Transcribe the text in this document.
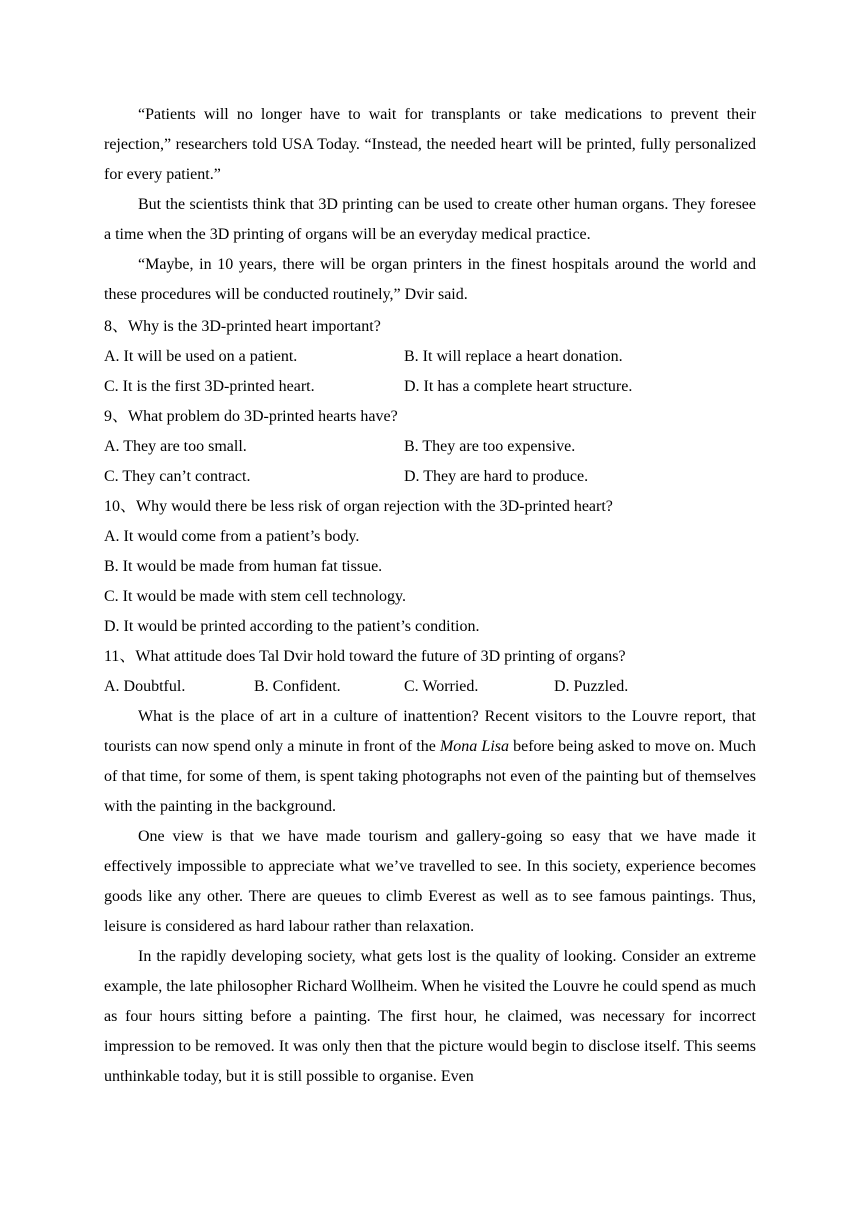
“Patients will no longer have to wait for transplants or take medications to prevent their rejection,” researchers told USA Today. “Instead, the needed heart will be printed, fully personalized for every patient.”

But the scientists think that 3D printing can be used to create other human organs. They foresee a time when the 3D printing of organs will be an everyday medical practice.

“Maybe, in 10 years, there will be organ printers in the finest hospitals around the world and these procedures will be conducted routinely,” Dvir said.

8、Why is the 3D-printed heart important?

A. It will be used on a patient.	B. It will replace a heart donation.
C. It is the first 3D-printed heart.	D. It has a complete heart structure.

9、What problem do 3D-printed hearts have?

A. They are too small.	B. They are too expensive.
C. They can’t contract.	D. They are hard to produce.

10、Why would there be less risk of organ rejection with the 3D-printed heart?

A. It would come from a patient’s body.

B. It would be made from human fat tissue.

C. It would be made with stem cell technology.

D. It would be printed according to the patient’s condition.

11、What attitude does Tal Dvir hold toward the future of 3D printing of organs?

A. Doubtful.	B. Confident.	C. Worried.	D. Puzzled.

What is the place of art in a culture of inattention? Recent visitors to the Louvre report, that tourists can now spend only a minute in front of the Mona Lisa before being asked to move on. Much of that time, for some of them, is spent taking photographs not even of the painting but of themselves with the painting in the background.

One view is that we have made tourism and gallery-going so easy that we have made it effectively impossible to appreciate what we’ve travelled to see. In this society, experience becomes goods like any other. There are queues to climb Everest as well as to see famous paintings. Thus, leisure is considered as hard labour rather than relaxation.

In the rapidly developing society, what gets lost is the quality of looking. Consider an extreme example, the late philosopher Richard Wollheim. When he visited the Louvre he could spend as much as four hours sitting before a painting. The first hour, he claimed, was necessary for incorrect impression to be removed. It was only then that the picture would begin to disclose itself. This seems unthinkable today, but it is still possible to organise. Even
